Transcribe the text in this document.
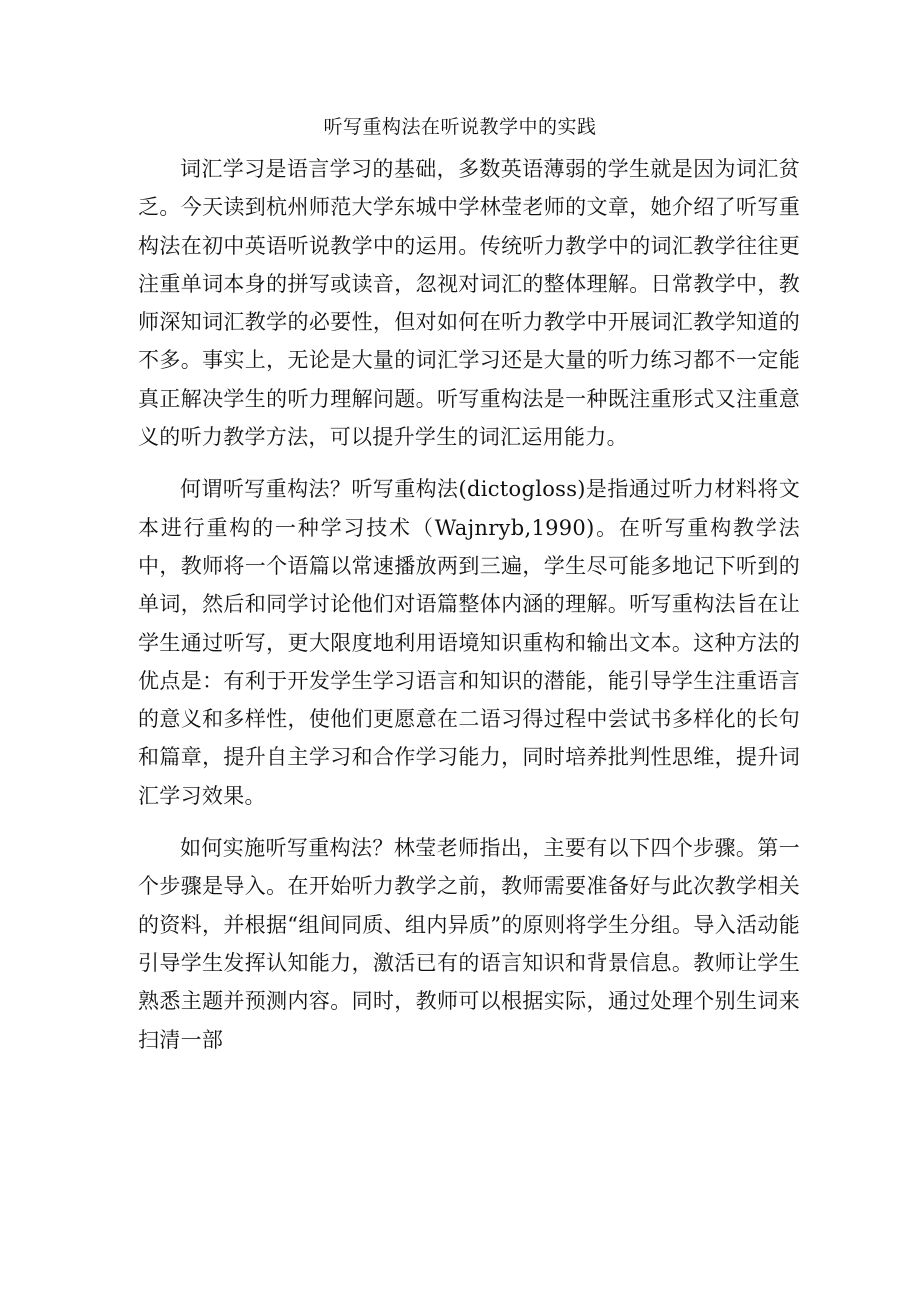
听写重构法在听说教学中的实践

词汇学习是语言学习的基础，多数英语薄弱的学生就是因为词汇贫乏。今天读到杭州师范大学东城中学林莹老师的文章，她介绍了听写重构法在初中英语听说教学中的运用。传统听力教学中的词汇教学往往更注重单词本身的拼写或读音，忽视对词汇的整体理解。日常教学中，教师深知词汇教学的必要性，但对如何在听力教学中开展词汇教学知道的不多。事实上，无论是大量的词汇学习还是大量的听力练习都不一定能真正解决学生的听力理解问题。听写重构法是一种既注重形式又注重意义的听力教学方法，可以提升学生的词汇运用能力。

何谓听写重构法？听写重构法(dictogloss)是指通过听力材料将文本进行重构的一种学习技术（Wajnryb,1990)。在听写重构教学法中，教师将一个语篇以常速播放两到三遍，学生尽可能多地记下听到的单词，然后和同学讨论他们对语篇整体内涵的理解。听写重构法旨在让学生通过听写，更大限度地利用语境知识重构和输出文本。这种方法的优点是：有利于开发学生学习语言和知识的潜能，能引导学生注重语言的意义和多样性，使他们更愿意在二语习得过程中尝试书多样化的长句和篇章，提升自主学习和合作学习能力，同时培养批判性思维，提升词汇学习效果。

如何实施听写重构法？林莹老师指出，主要有以下四个步骤。第一个步骤是导入。在开始听力教学之前，教师需要准备好与此次教学相关的资料，并根据“组间同质、组内异质”的原则将学生分组。导入活动能引导学生发挥认知能力，激活已有的语言知识和背景信息。教师让学生熟悉主题并预测内容。同时，教师可以根据实际，通过处理个别生词来扫清一部
